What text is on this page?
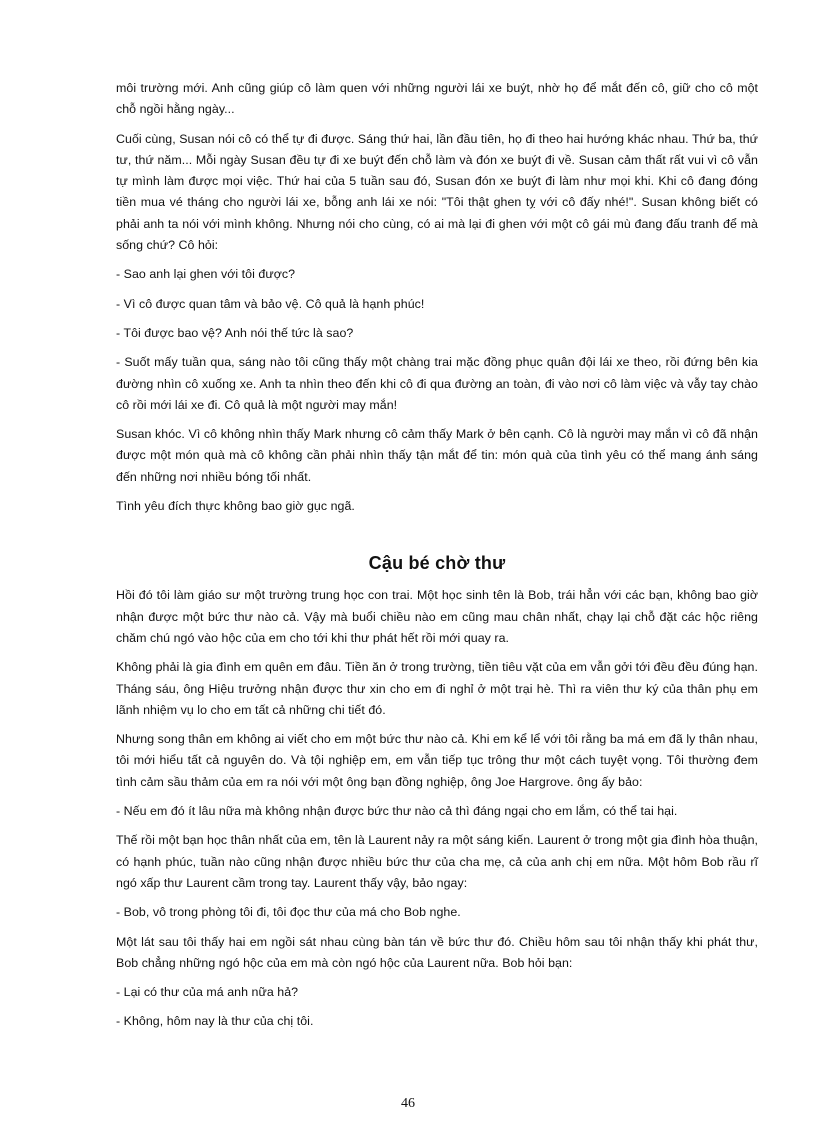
môi trường mới. Anh cũng giúp cô làm quen với những người lái xe buýt, nhờ họ để mắt đến cô, giữ cho cô một chỗ ngồi hằng ngày...

Cuối cùng, Susan nói cô có thể tự đi được. Sáng thứ hai, lần đầu tiên, họ đi theo hai hướng khác nhau. Thứ ba, thứ tư, thứ năm... Mỗi ngày Susan đều tự đi xe buýt đến chỗ làm và đón xe buýt đi về. Susan cảm thất rất vui vì cô vẫn tự mình làm được mọi việc. Thứ hai của 5 tuần sau đó, Susan đón xe buýt đi làm như mọi khi. Khi cô đang đóng tiền mua vé tháng cho người lái xe, bỗng anh lái xe nói: "Tôi thật ghen tỵ với cô đấy nhé!". Susan không biết có phải anh ta nói với mình không. Nhưng nói cho cùng, có ai mà lại đi ghen với một cô gái mù đang đấu tranh để mà sống chứ? Cô hỏi:

- Sao anh lại ghen với tôi được?

- Vì cô được quan tâm và bảo vệ. Cô quả là hạnh phúc!

- Tôi được bao vệ? Anh nói thế tức là sao?

- Suốt mấy tuần qua, sáng nào tôi cũng thấy một chàng trai mặc đồng phục quân đội lái xe theo, rồi đứng bên kia đường nhìn cô xuống xe. Anh ta nhìn theo đến khi cô đi qua đường an toàn, đi vào nơi cô làm việc và vẫy tay chào cô rồi mới lái xe đi. Cô quả là một người may mắn!

Susan khóc. Vì cô không nhìn thấy Mark nhưng cô cảm thấy Mark ở bên cạnh. Cô là người may mắn vì cô đã nhận được một món quà mà cô không cần phải nhìn thấy tận mắt để tin: món quà của tình yêu có thể mang ánh sáng đến những nơi nhiều bóng tối nhất.

Tình yêu đích thực không bao giờ gục ngã.

Cậu bé chờ thư

Hồi đó tôi làm giáo sư một trường trung học con trai. Một học sinh tên là Bob, trái hẳn với các bạn, không bao giờ nhận được một bức thư nào cả. Vậy mà buổi chiều nào em cũng mau chân nhất, chạy lại chỗ đặt các hộc riêng chăm chú ngó vào hộc của em cho tới khi thư phát hết rồi mới quay ra.

Không phải là gia đình em quên em đâu. Tiền ăn ở trong trường, tiền tiêu vặt của em vẫn gởi tới đều đều đúng hạn. Tháng sáu, ông Hiệu trưởng nhận được thư xin cho em đi nghỉ ở một trại hè. Thì ra viên thư ký của thân phụ em lãnh nhiệm vụ lo cho em tất cả những chi tiết đó.

Nhưng song thân em không ai viết cho em một bức thư nào cả. Khi em kể lể với tôi rằng ba má em đã ly thân nhau, tôi mới hiểu tất cả nguyên do. Và tội nghiệp em, em vẫn tiếp tục trông thư một cách tuyệt vọng. Tôi thường đem tình cảm sầu thảm của em ra nói với một ông bạn đồng nghiệp, ông Joe Hargrove. ông ấy bảo:

- Nếu em đó ít lâu nữa mà không nhận được bức thư nào cả thì đáng ngại cho em lắm, có thể tai hại.

Thế rồi một bạn học thân nhất của em, tên là Laurent nảy ra một sáng kiến. Laurent ở trong một gia đình hòa thuận, có hạnh phúc, tuần nào cũng nhận được nhiều bức thư của cha mẹ, cả của anh chị em nữa. Một hôm Bob rầu rĩ ngó xấp thư Laurent cầm trong tay. Laurent thấy vậy, bảo ngay:

- Bob, vô trong phòng tôi đi, tôi đọc thư của má cho Bob nghe.

Một lát sau tôi thấy hai em ngồi sát nhau cùng bàn tán về bức thư đó. Chiều hôm sau tôi nhận thấy khi phát thư, Bob chẳng những ngó hộc của em mà còn ngó hộc của Laurent nữa. Bob hỏi bạn:

- Lại có thư của má anh nữa hả?

- Không, hôm nay là thư của chị tôi.

46
